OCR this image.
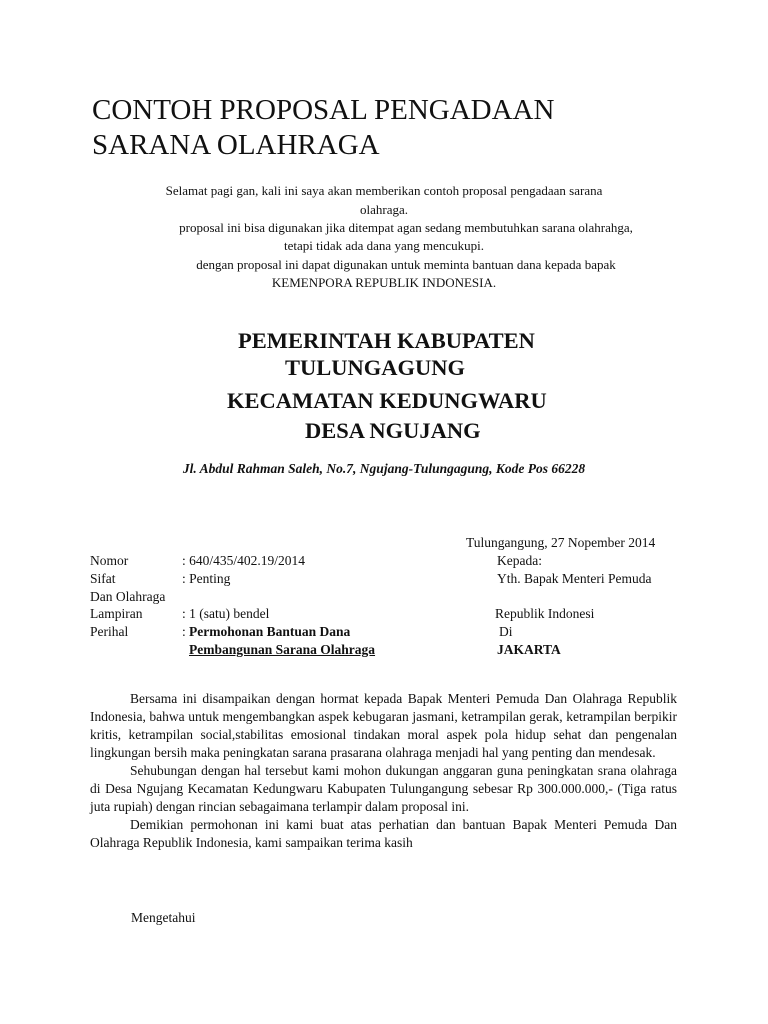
CONTOH PROPOSAL PENGADAAN
SARANA OLAHRAGA
Selamat pagi gan, kali ini saya akan memberikan contoh proposal pengadaan sarana
olahraga.
proposal ini bisa digunakan jika ditempat agan sedang membutuhkan sarana olahrahga,
tetapi tidak ada dana yang mencukupi.
dengan proposal ini dapat digunakan untuk meminta bantuan dana kepada bapak
KEMENPORA REPUBLIK INDONESIA.
PEMERINTAH KABUPATEN
TULUNGAGUNG
KECAMATAN KEDUNGWARU
DESA NGUJANG
Jl. Abdul Rahman Saleh, No.7, Ngujang-Tulungagung, Kode Pos 66228
Tulungangung, 27 Nopember 2014
Nomor	: 640/435/402.19/2014	Kepada:
Sifat	: Penting	Yth. Bapak Menteri Pemuda
Dan Olahraga
Lampiran	: 1 (satu) bendel	Republik Indonesi
Perihal	: Permohonan Bantuan Dana	Di
Pembangunan Sarana Olahraga	JAKARTA

Bersama ini disampaikan dengan hormat kepada Bapak Menteri Pemuda Dan Olahraga Republik Indonesia, bahwa untuk mengembangkan aspek kebugaran jasmani, ketrampilan gerak, ketrampilan berpikir kritis, ketrampilan social,stabilitas emosional tindakan moral aspek pola hidup sehat dan pengenalan lingkungan bersih maka peningkatan sarana prasarana olahraga menjadi hal yang penting dan mendesak.

Sehubungan dengan hal tersebut kami mohon dukungan anggaran guna peningkatan srana olahraga di Desa Ngujang Kecamatan Kedungwaru Kabupaten Tulungangung sebesar Rp 300.000.000,- (Tiga ratus juta rupiah) dengan rincian sebagaimana terlampir dalam proposal ini.

Demikian permohonan ini kami buat atas perhatian dan bantuan Bapak Menteri Pemuda Dan Olahraga Republik Indonesia, kami sampaikan terima kasih

Mengetahui
